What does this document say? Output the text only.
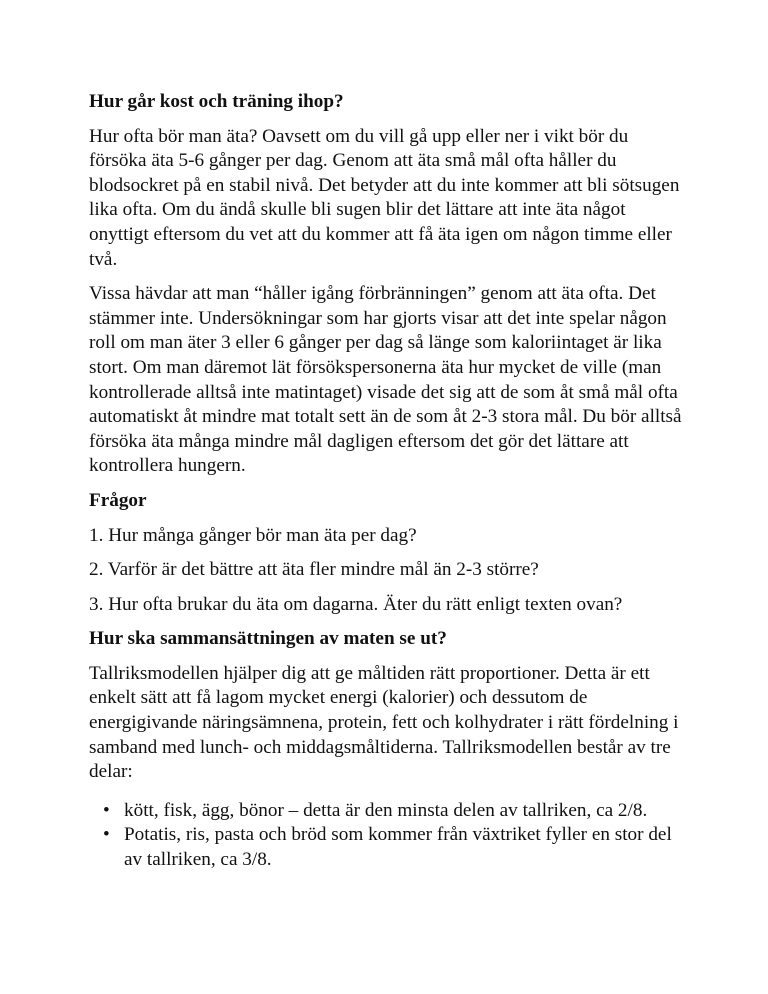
Hur går kost och träning ihop?

Hur ofta bör man äta? Oavsett om du vill gå upp eller ner i vikt bör du försöka äta 5-6 gånger per dag. Genom att äta små mål ofta håller du blodsockret på en stabil nivå. Det betyder att du inte kommer att bli sötsugen lika ofta. Om du ändå skulle bli sugen blir det lättare att inte äta något onyttigt eftersom du vet att du kommer att få äta igen om någon timme eller två.

Vissa hävdar att man “håller igång förbränningen” genom att äta ofta. Det stämmer inte. Undersökningar som har gjorts visar att det inte spelar någon roll om man äter 3 eller 6 gånger per dag så länge som kaloriintaget är lika stort. Om man däremot lät försökspersonerna äta hur mycket de ville (man kontrollerade alltså inte matintaget) visade det sig att de som åt små mål ofta automatiskt åt mindre mat totalt sett än de som åt 2-3 stora mål. Du bör alltså försöka äta många mindre mål dagligen eftersom det gör det lättare att kontrollera hungern.

Frågor

1. Hur många gånger bör man äta per dag?

2. Varför är det bättre att äta fler mindre mål än 2-3 större?

3. Hur ofta brukar du äta om dagarna. Äter du rätt enligt texten ovan?

Hur ska sammansättningen av maten se ut?

Tallriksmodellen hjälper dig att ge måltiden rätt proportioner. Detta är ett enkelt sätt att få lagom mycket energi (kalorier) och dessutom de energigivande näringsämnena, protein, fett och kolhydrater i rätt fördelning i samband med lunch- och middagsmåltiderna. Tallriksmodellen består av tre delar:

• kött, fisk, ägg, bönor – detta är den minsta delen av tallriken, ca 2/8.
• Potatis, ris, pasta och bröd som kommer från växtriket fyller en stor del av tallriken, ca 3/8.
